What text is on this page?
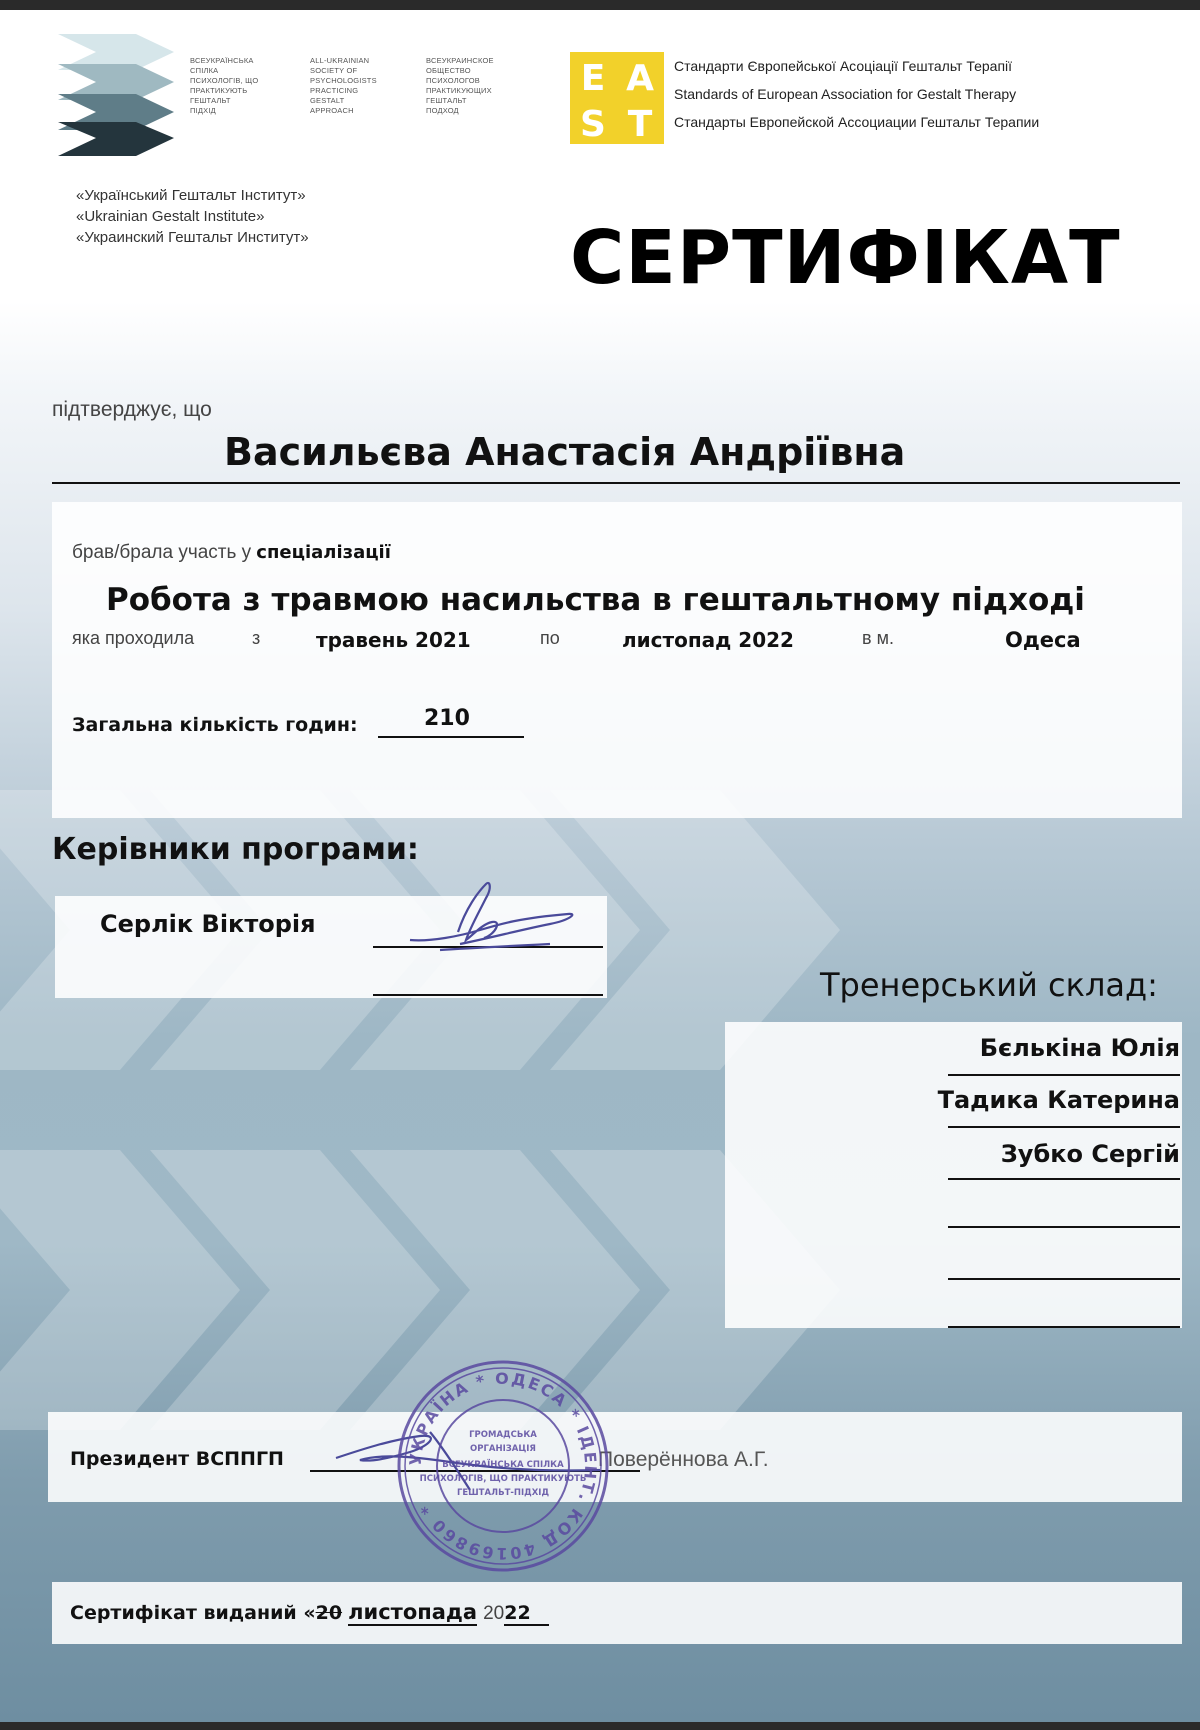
ВСЕУКРАЇНСЬКА
СПІЛКА
ПСИХОЛОГІВ, ЩО
ПРАКТИКУЮТЬ
ГЕШТАЛЬТ
ПІДХІД
ALL-UKRAINIAN
SOCIETY OF
PSYCHOLOGISTS
PRACTICING
GESTALT
APPROACH
ВСЕУКРАИНСКОЕ
ОБЩЕСТВО
ПСИХОЛОГОВ
ПРАКТИКУЮЩИХ
ГЕШТАЛЬТ
ПОДХОД
E A
S T
Стандарти Європейської Асоціації Гештальт Терапії
Standards of European Association for Gestalt Therapy
Стандарты Европейской Ассоциации Гештальт Терапии
«Український Гештальт Інститут»
«Ukrainian Gestalt Institute»
«Украинский Гештальт Институт»	СЕРТИФІКАТ
підтверджує, що
Васильєва Анастасія Андріївна
брав/брала участь у спеціалізації
Робота з травмою насильства в гештальтному підході
яка проходила	з	травень 2021	по	листопад 2022	в м.	Одеса
Загальна кількість годин:	210
Керівники програми:
Серлік Вікторія
Тренерський склад:
Бєлькіна Юлія
Тадика Катерина
Зубко Сергій
Президент ВСППГП	Поверённова А.Г.
Сертифікат виданий «20 листопада 2022
УКРАЇНА * ОДЕСА * ІДЕНТ. КОД 40169860 *
ГРОМАДСЬКА
ОРГАНІЗАЦІЯ
ВСЕУКРАЇНСЬКА СПІЛКА
ПСИХОЛОГІВ, ЩО ПРАКТИКУЮТЬ
ГЕШТАЛЬТ-ПІДХІД
